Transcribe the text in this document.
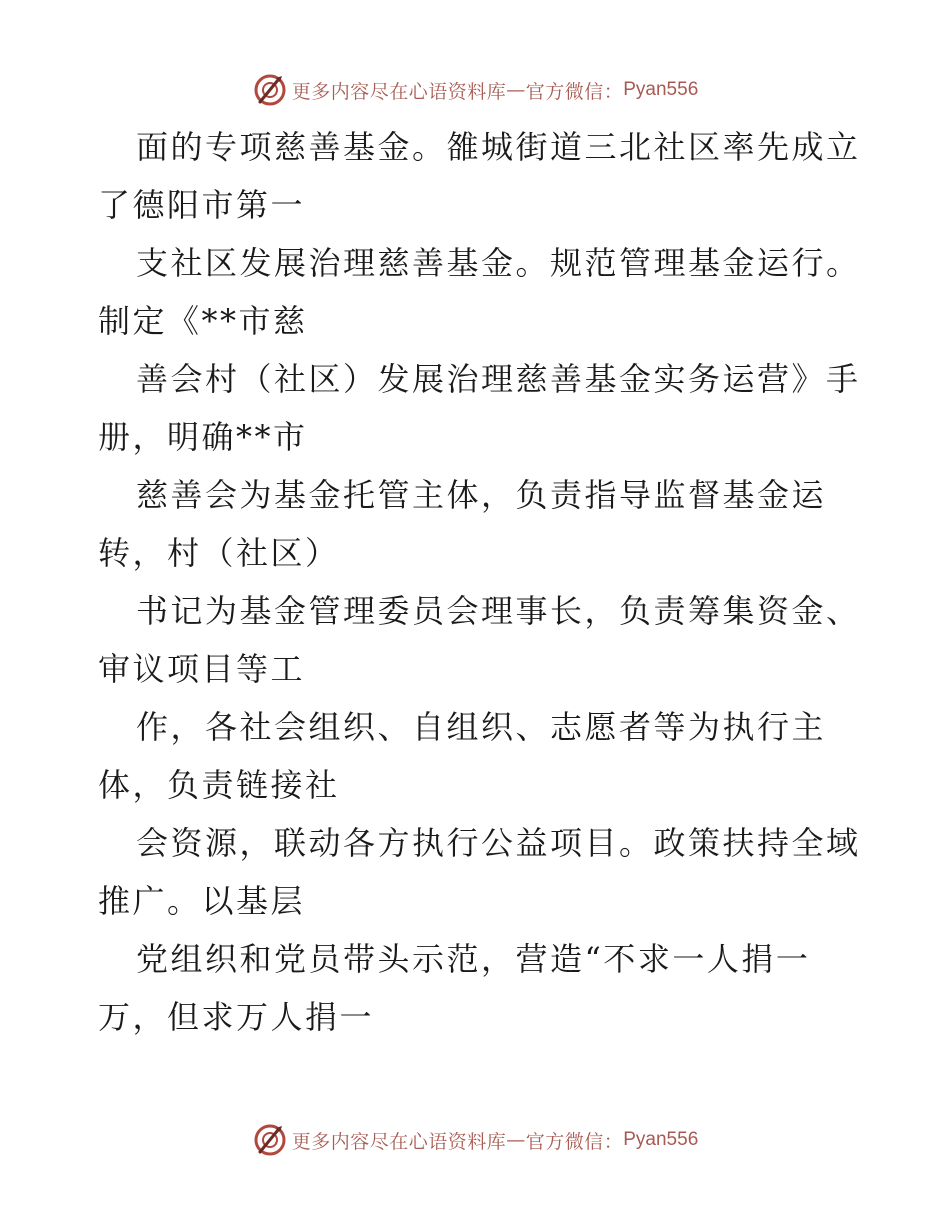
更多内容尽在心语资料库 — 官方微信： Pyan556
面的专项慈善基金。雒城街道三北社区率先成立
了德阳市第一
支社区发展治理慈善基金。规范管理基金运行。
制定《**市慈
善会村（社区）发展治理慈善基金实务运营》手
册，明确**市
慈善会为基金托管主体，负责指导监督基金运
转，村（社区）
书记为基金管理委员会理事长，负责筹集资金、
审议项目等工
作，各社会组织、自组织、志愿者等为执行主
体，负责链接社
会资源，联动各方执行公益项目。政策扶持全域
推广。以基层
党组织和党员带头示范，营造“不求一人捐一
万，但求万人捐一
更多内容尽在心语资料库 — 官方微信： Pyan556
